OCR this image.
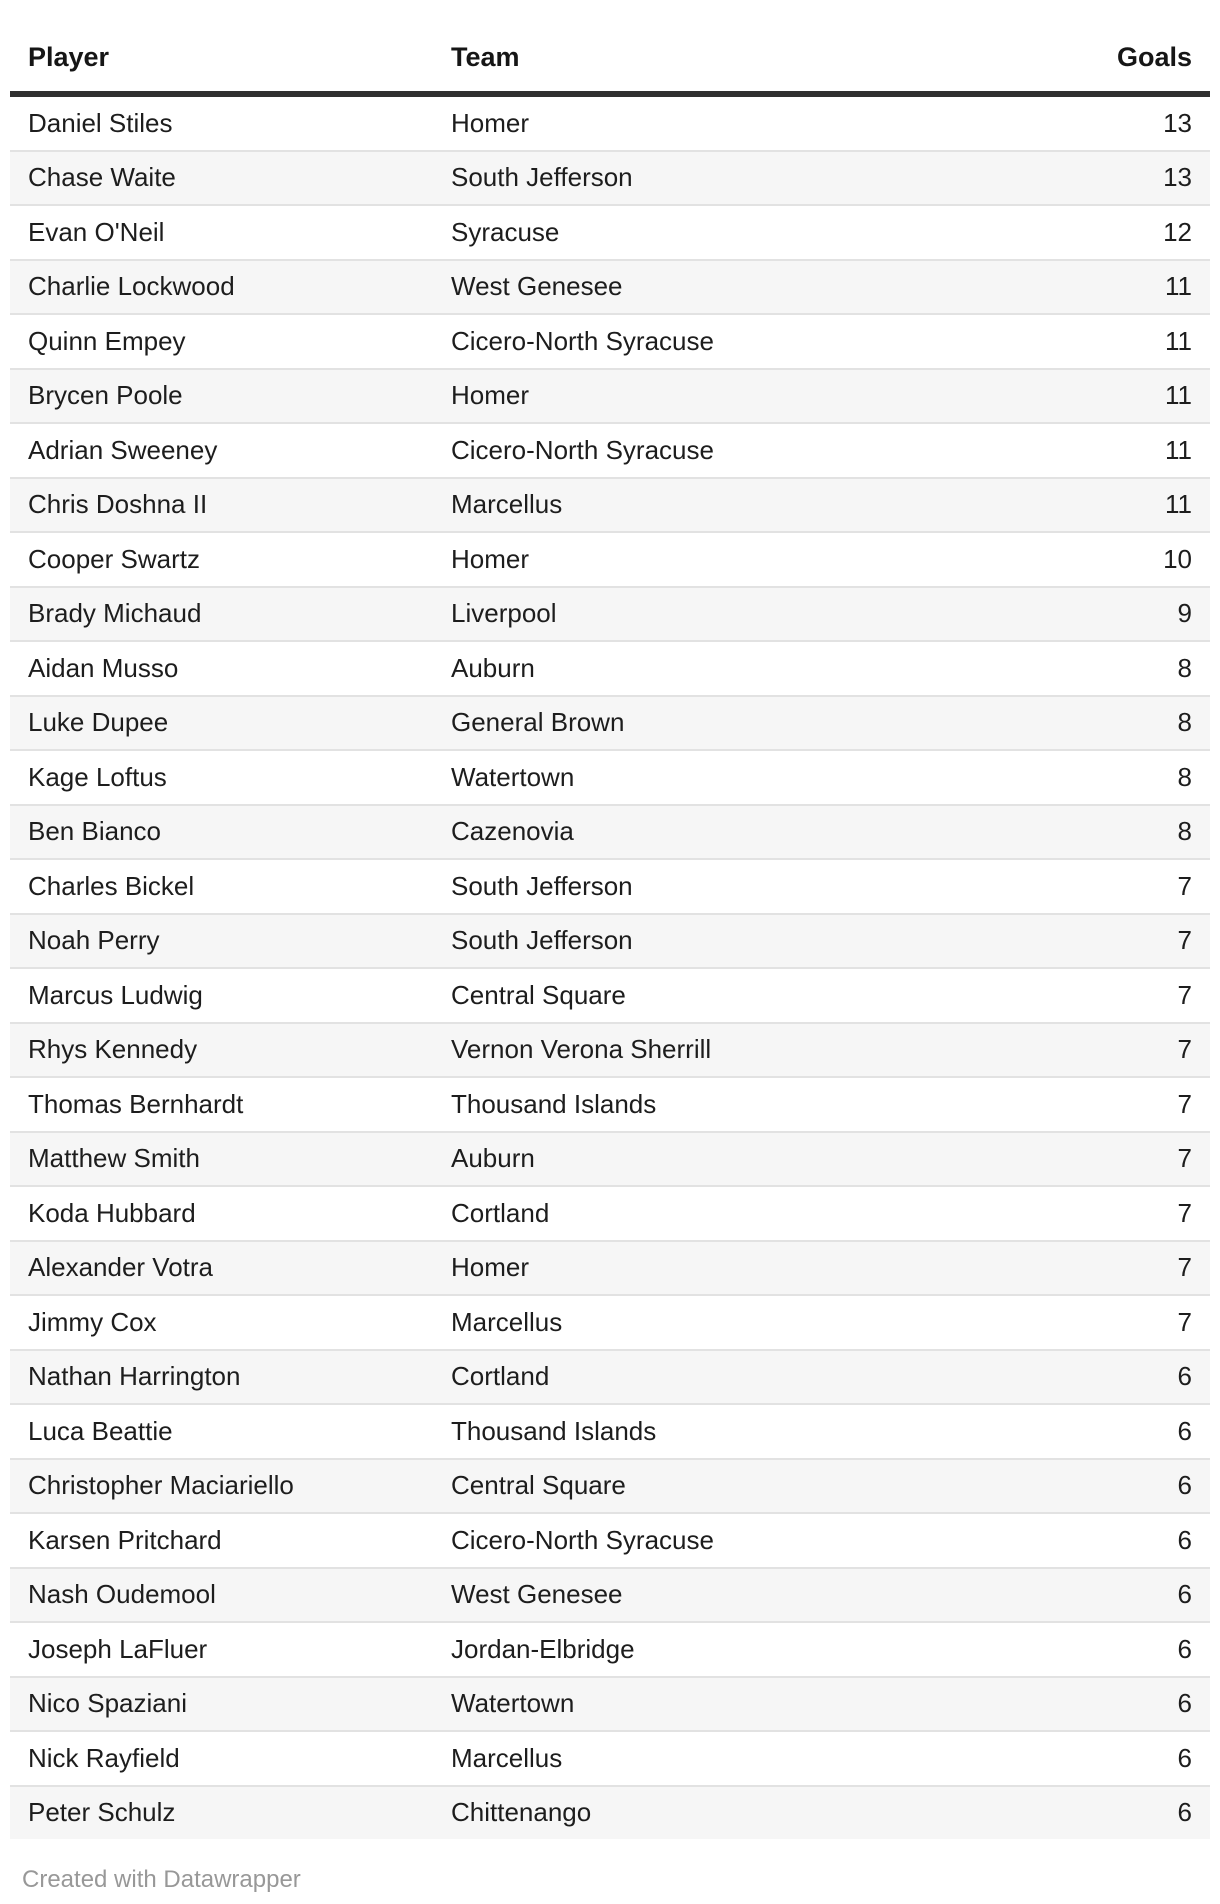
Player	Team	Goals
Daniel Stiles	Homer	13
Chase Waite	South Jefferson	13
Evan O'Neil	Syracuse	12
Charlie Lockwood	West Genesee	11
Quinn Empey	Cicero-North Syracuse	11
Brycen Poole	Homer	11
Adrian Sweeney	Cicero-North Syracuse	11
Chris Doshna II	Marcellus	11
Cooper Swartz	Homer	10
Brady Michaud	Liverpool	9
Aidan Musso	Auburn	8
Luke Dupee	General Brown	8
Kage Loftus	Watertown	8
Ben Bianco	Cazenovia	8
Charles Bickel	South Jefferson	7
Noah Perry	South Jefferson	7
Marcus Ludwig	Central Square	7
Rhys Kennedy	Vernon Verona Sherrill	7
Thomas Bernhardt	Thousand Islands	7
Matthew Smith	Auburn	7
Koda Hubbard	Cortland	7
Alexander Votra	Homer	7
Jimmy Cox	Marcellus	7
Nathan Harrington	Cortland	6
Luca Beattie	Thousand Islands	6
Christopher Maciariello	Central Square	6
Karsen Pritchard	Cicero-North Syracuse	6
Nash Oudemool	West Genesee	6
Joseph LaFluer	Jordan-Elbridge	6
Nico Spaziani	Watertown	6
Nick Rayfield	Marcellus	6
Peter Schulz	Chittenango	6
Created with Datawrapper
